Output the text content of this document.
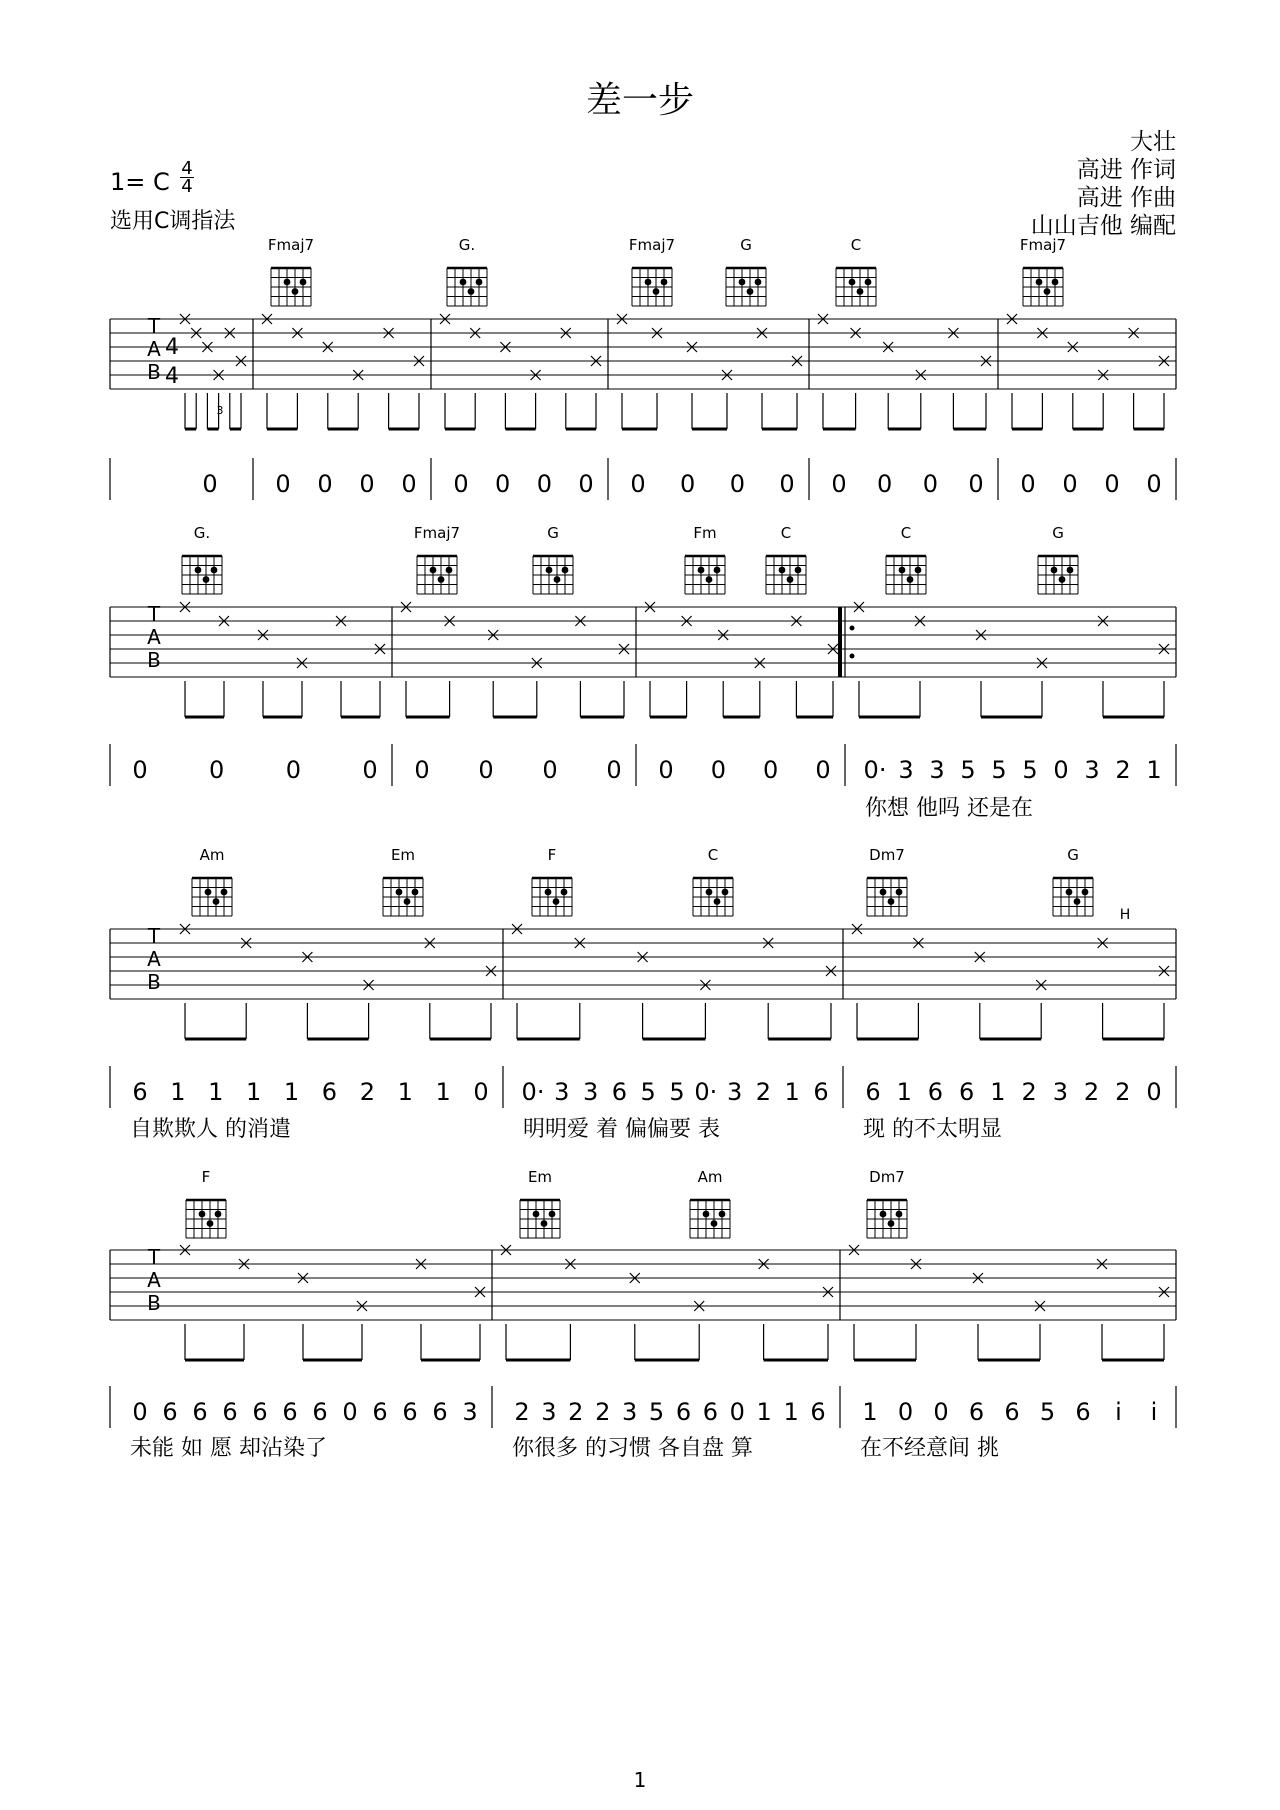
差一步
大壮
高进 作词
高进 作曲
山山吉他 编配
1= C 4
4
选用C调指法
1
T
A
B
4
4
Fmaj7	G.	Fmaj7	G	C	Fmaj7
0 0 0 0 0 0 0 0 0 0 0 0 0 0 0 0 0 0 0 0 0
3
T
A
B
G.	Fmaj7	G	Fm	C	C	G
0	0	0	0 0 0 0 0 0 0 0 0 0· 3 3 5 5 5 0 3 2 1
你想 他吗 还是在
T
A
B
Am	Em	F	C	Dm7	G
6 1 1 1 1 6 2 1 1 0 0· 3 3 6 5 5 0· 3 2 1 6 6 1 6 6 1 2 3 2 2 0
自欺欺人 的消遣	明明爱 着 偏偏要 表	现 的不太明显
H
T
A
B
F	Em	Am	Dm7
0 6 6 6 6 6 6 0 6 6 6 3 2 3 2 2 3 5 6 6 0 1 1 6 1 0 0 6 6 5 6 i i
未能 如 愿 却沾染了	你很多 的习惯 各自盘 算	在不经意间 挑
